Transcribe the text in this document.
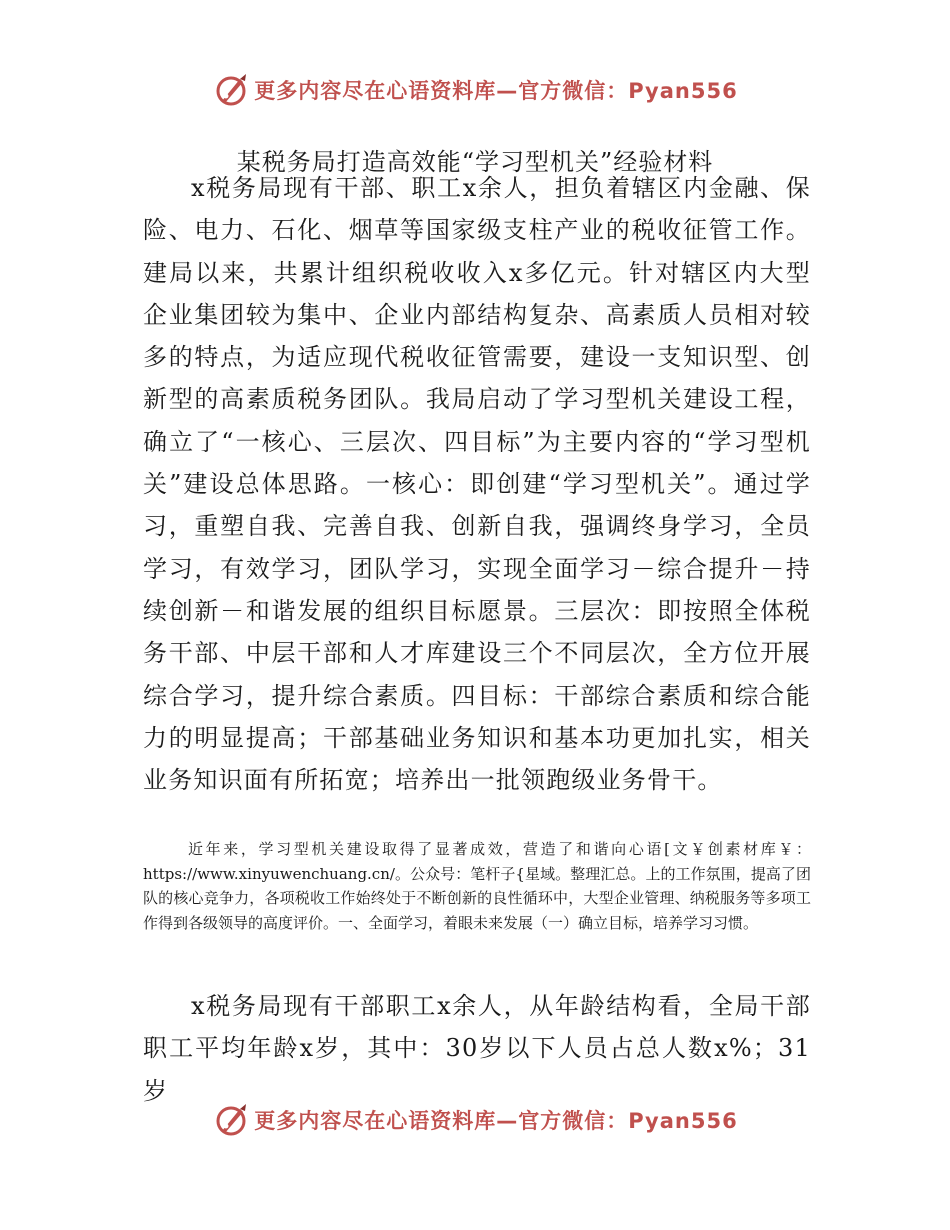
更多内容尽在心语资料库—官方微信：Pyan556
某税务局打造高效能“学习型机关”经验材料

x税务局现有干部、职工x余人，担负着辖区内金融、保险、电力、石化、烟草等国家级支柱产业的税收征管工作。建局以来，共累计组织税收收入x多亿元。针对辖区内大型企业集团较为集中、企业内部结构复杂、高素质人员相对较多的特点，为适应现代税收征管需要，建设一支知识型、创新型的高素质税务团队。我局启动了学习型机关建设工程，确立了“一核心、三层次、四目标”为主要内容的“学习型机关”建设总体思路。一核心：即创建“学习型机关”。通过学习，重塑自我、完善自我、创新自我，强调终身学习，全员学习，有效学习，团队学习，实现全面学习－综合提升－持续创新－和谐发展的组织目标愿景。三层次：即按照全体税务干部、中层干部和人才库建设三个不同层次，全方位开展综合学习，提升综合素质。四目标：干部综合素质和综合能力的明显提高；干部基础业务知识和基本功更加扎实，相关业务知识面有所拓宽；培养出一批领跑级业务骨干。

近年来，学习型机关建设取得了显著成效，营造了和谐向心语[文￥创素材库￥：https://www.xinyuwenchuang.cn/。公众号：笔杆子{星域。整理汇总。上的工作氛围，提高了团队的核心竞争力，各项税收工作始终处于不断创新的良性循环中，大型企业管理、纳税服务等多项工作得到各级领导的高度评价。一、全面学习，着眼未来发展（一）确立目标，培养学习习惯。

x税务局现有干部职工x余人，从年龄结构看，全局干部职工平均年龄x岁，其中：30岁以下人员占总人数x%；31岁

更多内容尽在心语资料库—官方微信：Pyan556
